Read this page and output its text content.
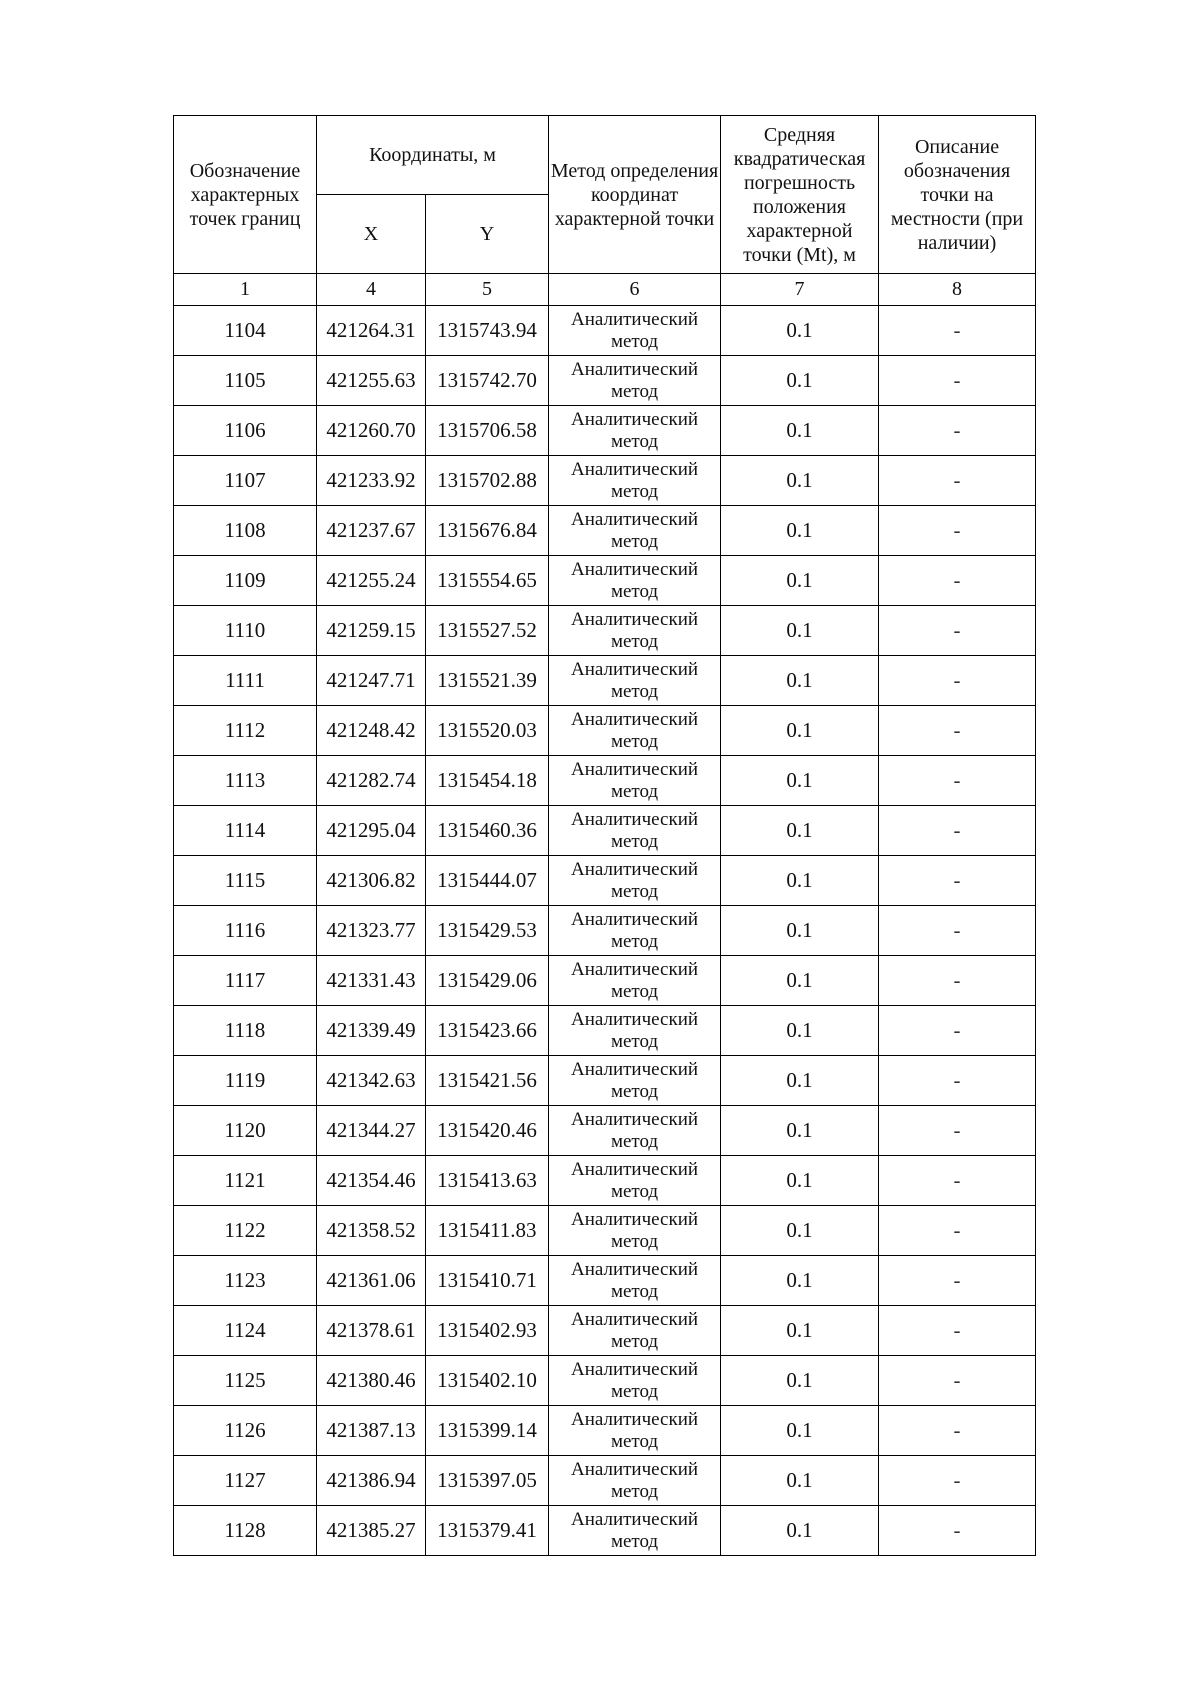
Обозначение характерных точек границ	Координаты, м		Метод определения координат характерной точки	Средняя квадратическая погрешность положения характерной точки (Mt), м	Описание обозначения точки на местности (при наличии)
	X	Y			
1	4	5	6	7	8
1104	421264.31	1315743.94	Аналитический метод	0.1	-
1105	421255.63	1315742.70	Аналитический метод	0.1	-
1106	421260.70	1315706.58	Аналитический метод	0.1	-
1107	421233.92	1315702.88	Аналитический метод	0.1	-
1108	421237.67	1315676.84	Аналитический метод	0.1	-
1109	421255.24	1315554.65	Аналитический метод	0.1	-
1110	421259.15	1315527.52	Аналитический метод	0.1	-
1111	421247.71	1315521.39	Аналитический метод	0.1	-
1112	421248.42	1315520.03	Аналитический метод	0.1	-
1113	421282.74	1315454.18	Аналитический метод	0.1	-
1114	421295.04	1315460.36	Аналитический метод	0.1	-
1115	421306.82	1315444.07	Аналитический метод	0.1	-
1116	421323.77	1315429.53	Аналитический метод	0.1	-
1117	421331.43	1315429.06	Аналитический метод	0.1	-
1118	421339.49	1315423.66	Аналитический метод	0.1	-
1119	421342.63	1315421.56	Аналитический метод	0.1	-
1120	421344.27	1315420.46	Аналитический метод	0.1	-
1121	421354.46	1315413.63	Аналитический метод	0.1	-
1122	421358.52	1315411.83	Аналитический метод	0.1	-
1123	421361.06	1315410.71	Аналитический метод	0.1	-
1124	421378.61	1315402.93	Аналитический метод	0.1	-
1125	421380.46	1315402.10	Аналитический метод	0.1	-
1126	421387.13	1315399.14	Аналитический метод	0.1	-
1127	421386.94	1315397.05	Аналитический метод	0.1	-
1128	421385.27	1315379.41	Аналитический метод	0.1	-
